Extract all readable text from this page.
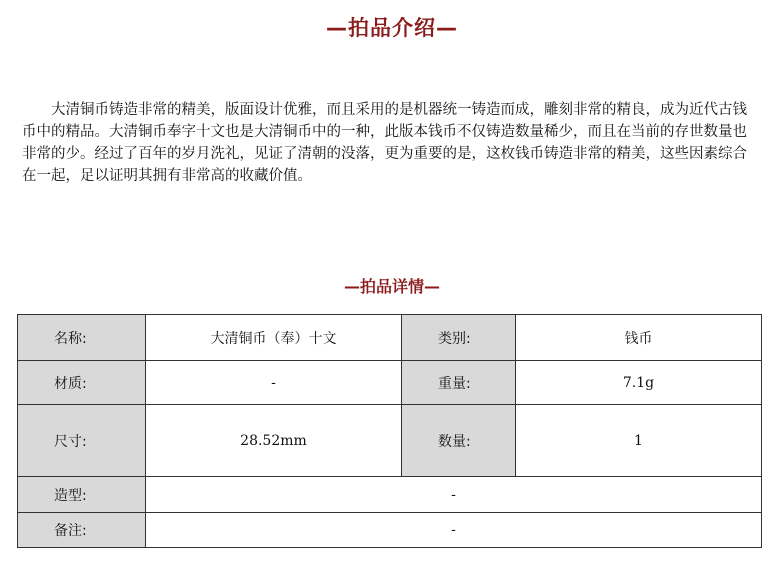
—拍品介绍—

大清铜币铸造非常的精美，版面设计优雅，而且采用的是机器统一铸造而成，雕刻非常的精良，成为近代古钱币中的精品。大清铜币奉字十文也是大清铜币中的一种，此版本钱币不仅铸造数量稀少，而且在当前的存世数量也非常的少。经过了百年的岁月洗礼，见证了清朝的没落，更为重要的是，这枚钱币铸造非常的精美，这些因素综合在一起，足以证明其拥有非常高的收藏价值。

—拍品详情—
名称:	大清铜币（奉）十文	类别:	钱币
材质:	-	重量:	7.1g
尺寸:	28.52mm	数量:	1
造型:	-		
备注:	-		
